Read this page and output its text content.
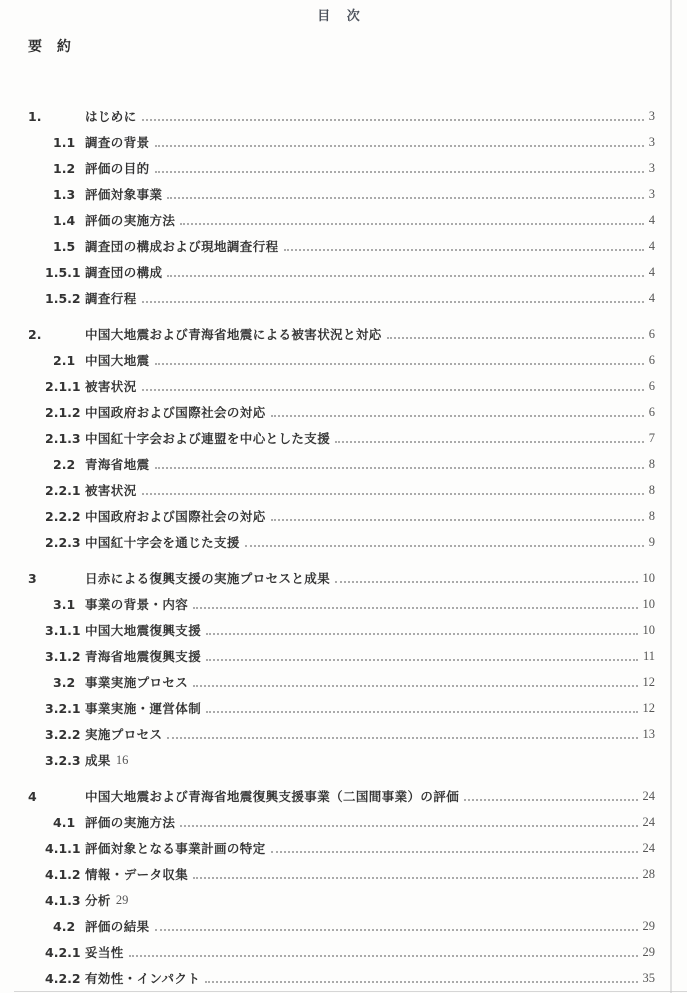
目 次
要 約
1.	はじめに	3
1.1 調査の背景	3
1.2 評価の目的	3
1.3 評価対象事業	3
1.4 評価の実施方法	4
1.5 調査団の構成および現地調査行程	4
1.5.1 調査団の構成	4
1.5.2 調査行程	4
2.	中国大地震および青海省地震による被害状況と対応	6
2.1 中国大地震	6
2.1.1 被害状況	6
2.1.2 中国政府および国際社会の対応	6
2.1.3 中国紅十字会および連盟を中心とした支援	7
2.2 青海省地震	8
2.2.1 被害状況	8
2.2.2 中国政府および国際社会の対応	8
2.2.3 中国紅十字会を通じた支援	9
3	日赤による復興支援の実施プロセスと成果	10
3.1 事業の背景・内容	10
3.1.1 中国大地震復興支援	10
3.1.2 青海省地震復興支援	11
3.2 事業実施プロセス	12
3.2.1 事業実施・運営体制	12
3.2.2 実施プロセス	13
3.2.3 成果 16
4	中国大地震および青海省地震復興支援事業（二国間事業）の評価	24
4.1 評価の実施方法	24
4.1.1 評価対象となる事業計画の特定	24
4.1.2 情報・データ収集	28
4.1.3 分析 29
4.2 評価の結果	29
4.2.1 妥当性	29
4.2.2 有効性・インパクト	35
